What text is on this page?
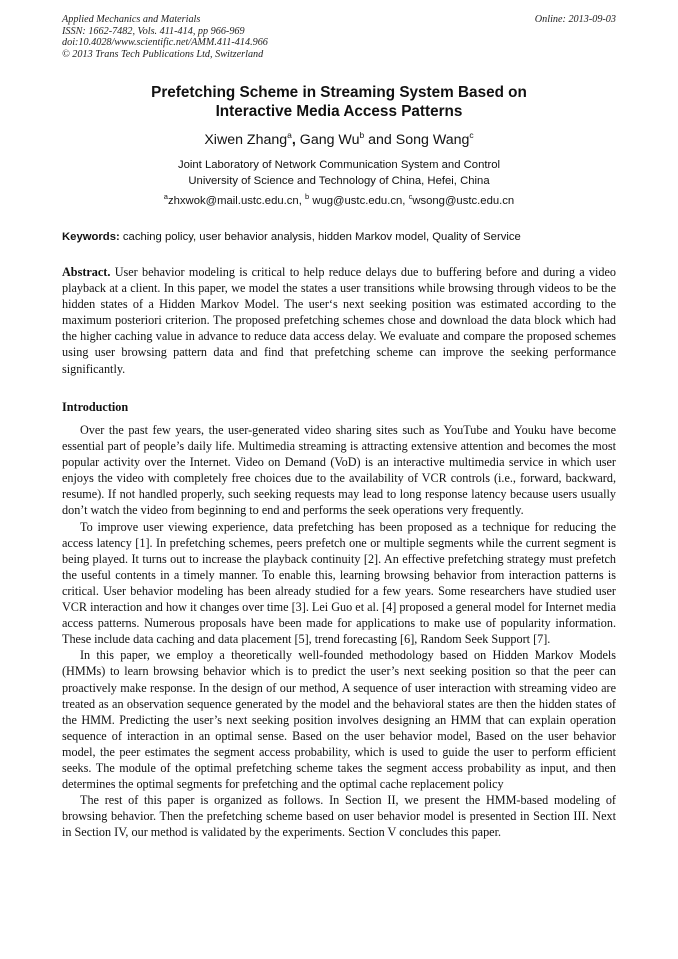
Applied Mechanics and Materials
ISSN: 1662-7482, Vols. 411-414, pp 966-969
doi:10.4028/www.scientific.net/AMM.411-414.966
© 2013 Trans Tech Publications Ltd, Switzerland
Online: 2013-09-03
Prefetching Scheme in Streaming System Based on
Interactive Media Access Patterns
Xiwen Zhang$^a$, Gang Wu$^b$ and Song Wang$^c$
Joint Laboratory of Network Communication System and Control
University of Science and Technology of China, Hefei, China
$^a$zhxwok@mail.ustc.edu.cn, $^b$ wug@ustc.edu.cn, $^c$wsong@ustc.edu.cn
Keywords: caching policy, user behavior analysis, hidden Markov model, Quality of Service

Abstract. User behavior modeling is critical to help reduce delays due to buffering before and during a video playback at a client. In this paper, we model the states a user transitions while browsing through videos to be the hidden states of a Hidden Markov Model. The user‘s next seeking position was estimated according to the maximum posteriori criterion. The proposed prefetching schemes chose and download the data block which had the higher caching value in advance to reduce data access delay. We evaluate and compare the proposed schemes using user browsing pattern data and find that prefetching scheme can improve the seeking performance significantly.

Introduction

Over the past few years, the user-generated video sharing sites such as YouTube and Youku have become essential part of people’s daily life. Multimedia streaming is attracting extensive attention and becomes the most popular activity over the Internet. Video on Demand (VoD) is an interactive multimedia service in which user enjoys the video with completely free choices due to the availability of VCR controls (i.e., forward, backward, resume). If not handled properly, such seeking requests may lead to long response latency because users usually don’t watch the video from beginning to end and performs the seek operations very frequently.

To improve user viewing experience, data prefetching has been proposed as a technique for reducing the access latency [1]. In prefetching schemes, peers prefetch one or multiple segments while the current segment is being played. It turns out to increase the playback continuity [2]. An effective prefetching strategy must prefetch the useful contents in a timely manner. To enable this, learning browsing behavior from interaction patterns is critical. User behavior modeling has been already studied for a few years. Some researchers have studied user VCR interaction and how it changes over time [3]. Lei Guo et al. [4] proposed a general model for Internet media access patterns. Numerous proposals have been made for applications to make use of popularity information. These include data caching and data placement [5], trend forecasting [6], Random Seek Support [7].

In this paper, we employ a theoretically well-founded methodology based on Hidden Markov Models (HMMs) to learn browsing behavior which is to predict the user’s next seeking position so that the peer can proactively make response. In the design of our method, A sequence of user interaction with streaming video are treated as an observation sequence generated by the model and the behavioral states are then the hidden states of the HMM. Predicting the user’s next seeking position involves designing an HMM that can explain operation sequence of interaction in an optimal sense. Based on the user behavior model, Based on the user behavior model, the peer estimates the segment access probability, which is used to guide the user to perform efficient seeks. The module of the optimal prefetching scheme takes the segment access probability as input, and then determines the optimal segments for prefetching and the optimal cache replacement policy

The rest of this paper is organized as follows. In Section II, we present the HMM-based modeling of browsing behavior. Then the prefetching scheme based on user behavior model is presented in Section III. Next in Section IV, our method is validated by the experiments. Section V concludes this paper.
